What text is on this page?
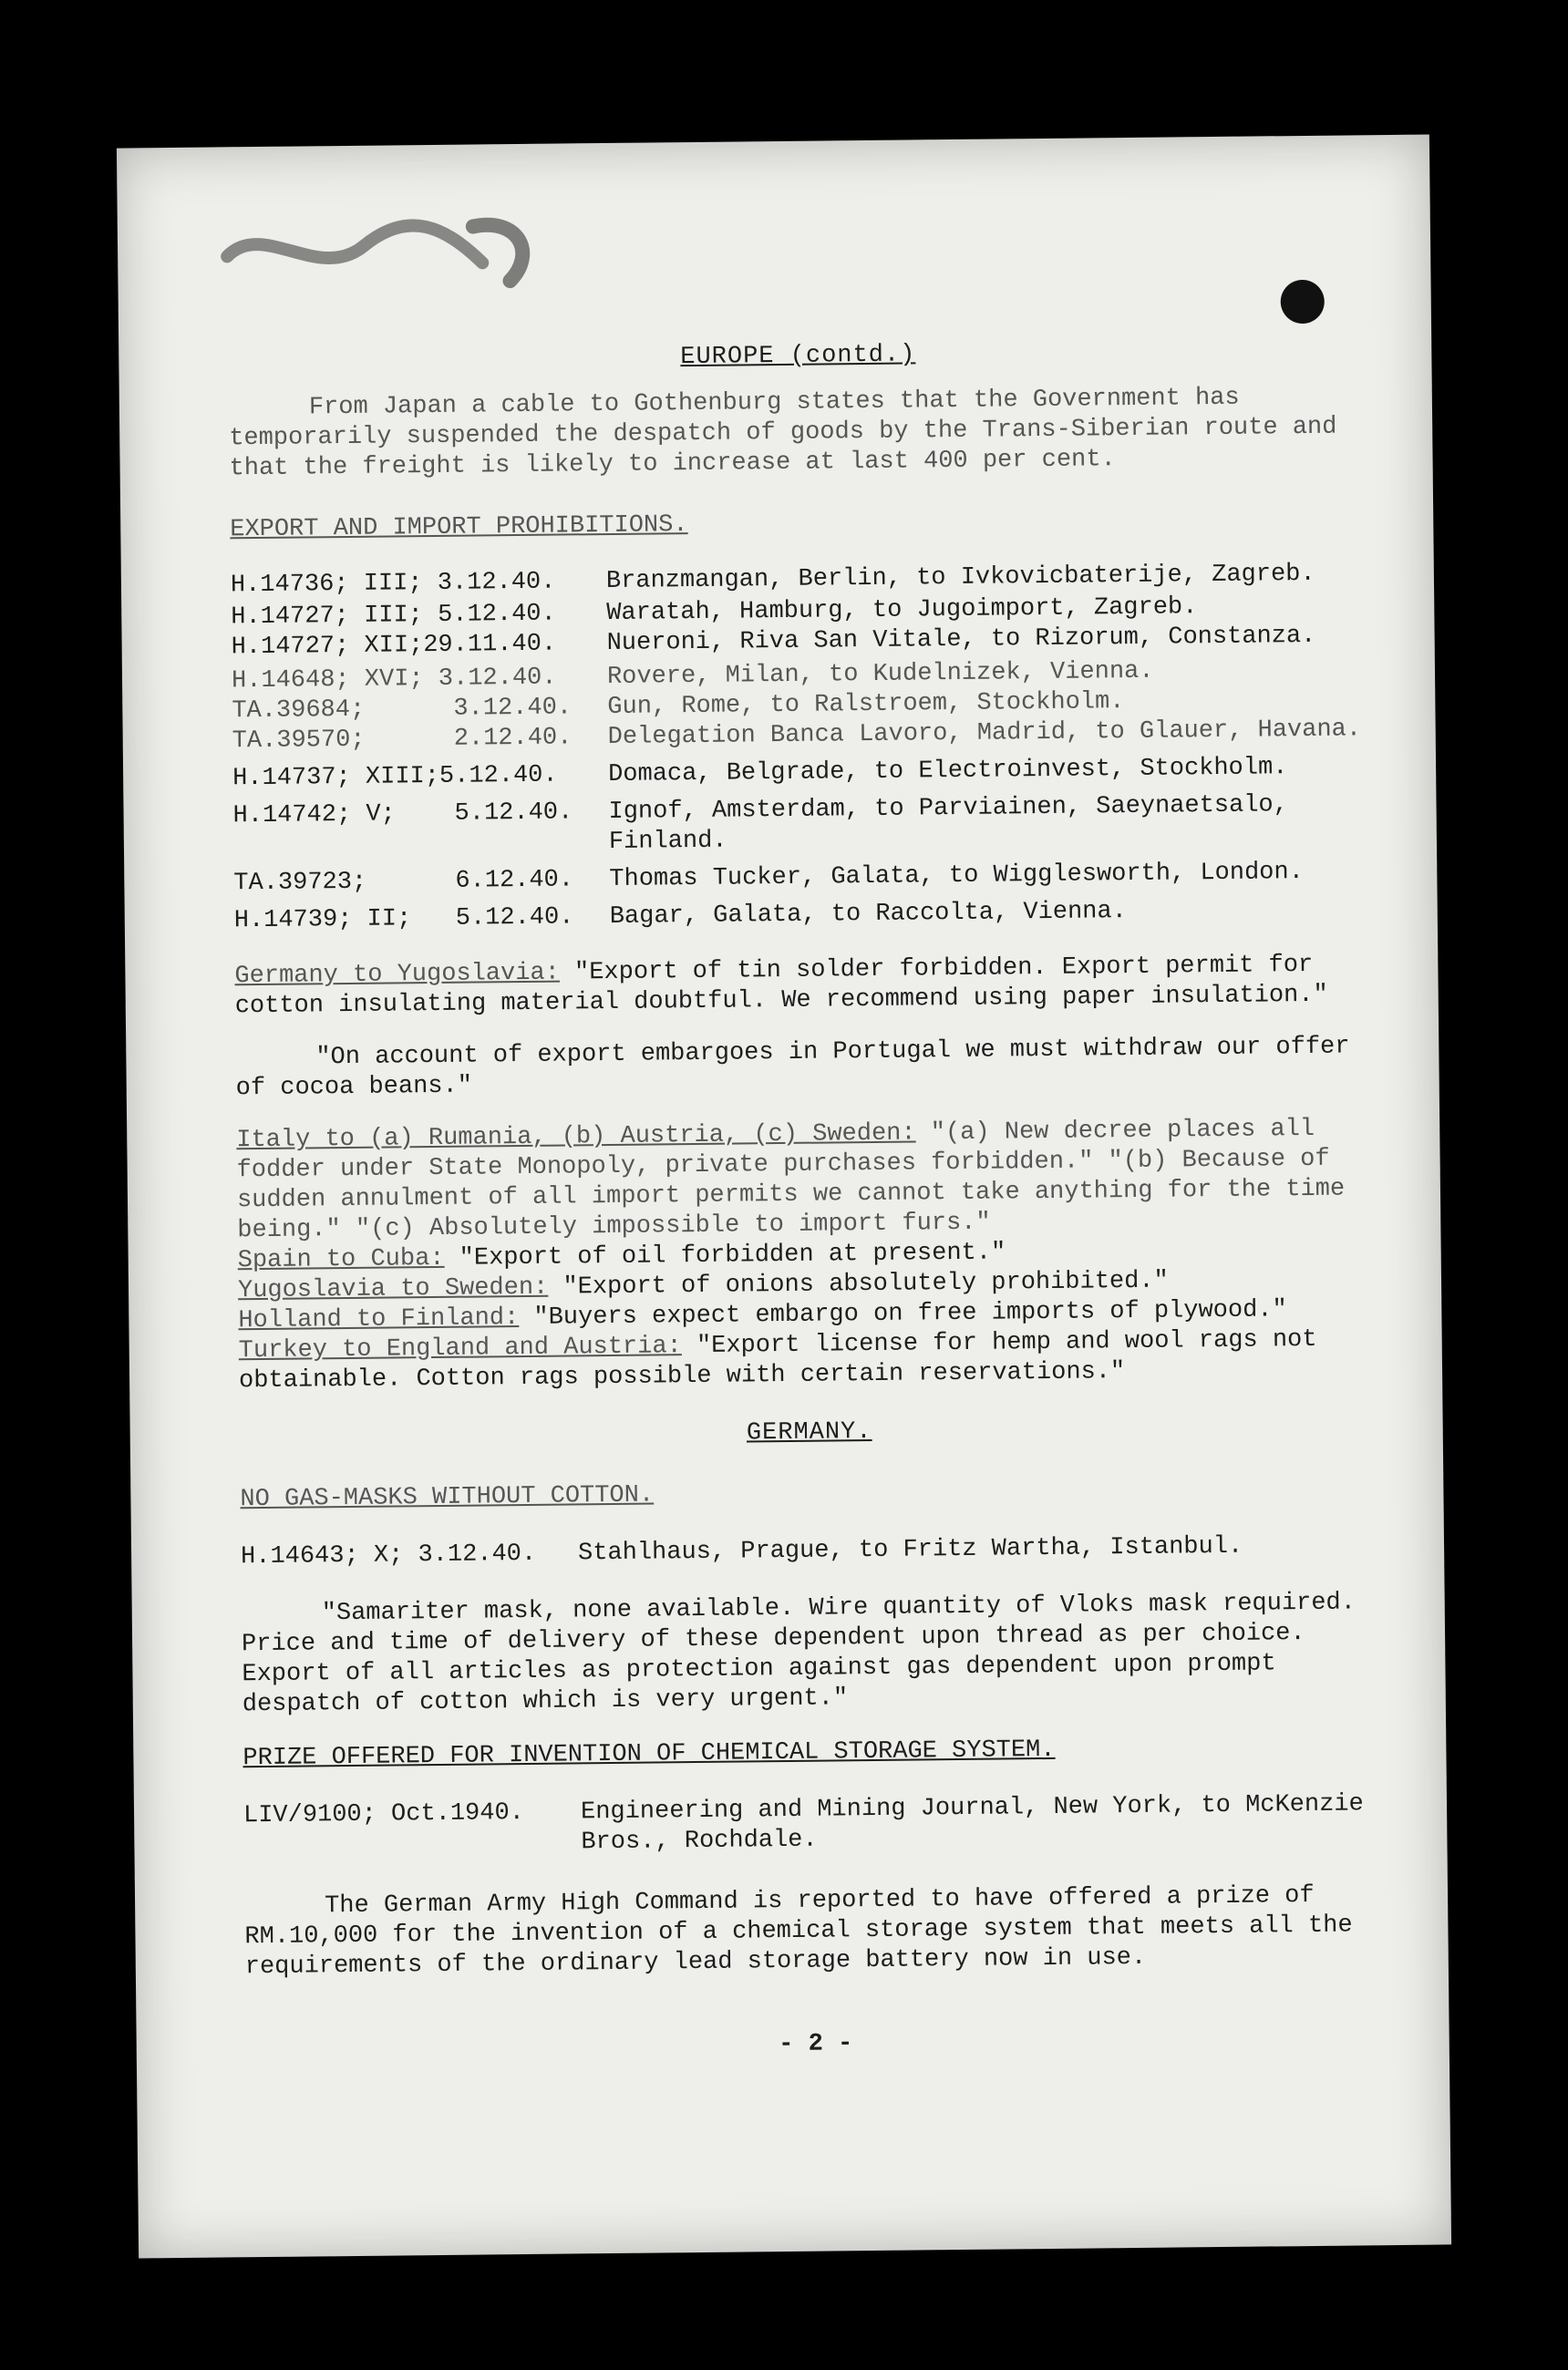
EUROPE (contd.)

From Japan a cable to Gothenburg states that the Government has temporarily suspended the despatch of goods by the Trans-Siberian route and that the freight is likely to increase at last 400 per cent.

EXPORT AND IMPORT PROHIBITIONS.

H.14736; III; 3.12.40.	Branzmangan, Berlin, to Ivkovicbaterije, Zagreb.
H.14727; III; 5.12.40.	Waratah, Hamburg, to Jugoimport, Zagreb.
H.14727; XII;29.11.40.	Nueroni, Riva San Vitale, to Rizorum, Constanza.
H.14648; XVI; 3.12.40.	Rovere, Milan, to Kudelnizek, Vienna.
TA.39684;      3.12.40.	Gun, Rome, to Ralstroem, Stockholm.
TA.39570;      2.12.40.	Delegation Banca Lavoro, Madrid, to Glauer, Havana.
H.14737; XIII;5.12.40.	Domaca, Belgrade, to Electroinvest, Stockholm.
H.14742; V;    5.12.40.	Ignof, Amsterdam, to Parviainen, Saeynaetsalo, Finland.
TA.39723;      6.12.40.	Thomas Tucker, Galata, to Wigglesworth, London.
H.14739; II;   5.12.40.	Bagar, Galata, to Raccolta, Vienna.

Germany to Yugoslavia: "Export of tin solder forbidden. Export permit for cotton insulating material doubtful. We recommend using paper insulation."

"On account of export embargoes in Portugal we must withdraw our offer of cocoa beans."

Italy to (a) Rumania, (b) Austria, (c) Sweden: "(a) New decree places all fodder under State Monopoly, private purchases forbidden." "(b) Because of sudden annulment of all import permits we cannot take anything for the time being." "(c) Absolutely impossible to import furs."

Spain to Cuba: "Export of oil forbidden at present."

Yugoslavia to Sweden: "Export of onions absolutely prohibited."

Holland to Finland: "Buyers expect embargo on free imports of plywood."

Turkey to England and Austria: "Export license for hemp and wool rags not obtainable. Cotton rags possible with certain reservations."

GERMANY.

NO GAS-MASKS WITHOUT COTTON.

H.14643; X; 3.12.40.	Stahlhaus, Prague, to Fritz Wartha, Istanbul.

"Samariter mask, none available. Wire quantity of Vloks mask required. Price and time of delivery of these dependent upon thread as per choice. Export of all articles as protection against gas dependent upon prompt despatch of cotton which is very urgent."

PRIZE OFFERED FOR INVENTION OF CHEMICAL STORAGE SYSTEM.

LIV/9100; Oct.1940.	Engineering and Mining Journal, New York, to McKenzie Bros., Rochdale.

The German Army High Command is reported to have offered a prize of RM.10,000 for the invention of a chemical storage system that meets all the requirements of the ordinary lead storage battery now in use.

- 2 -
